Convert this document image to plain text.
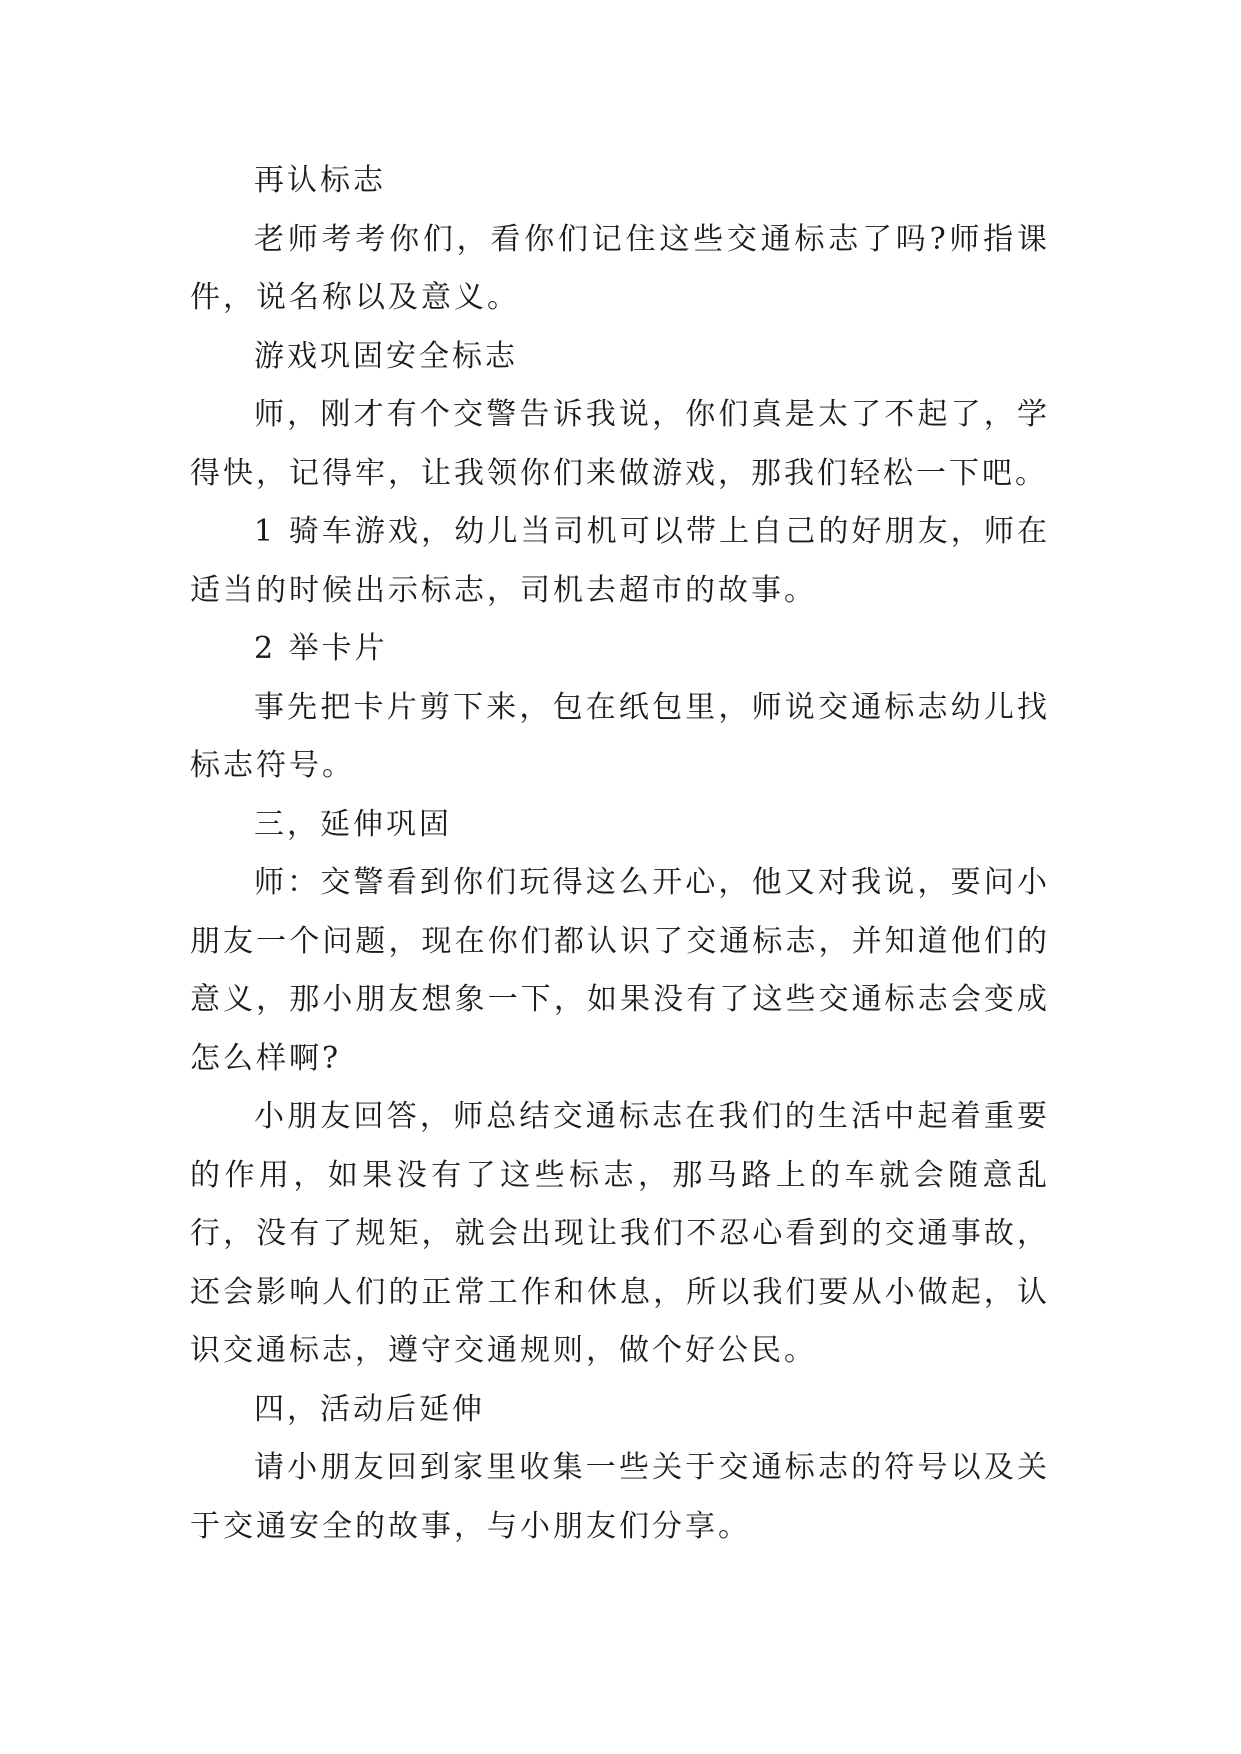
再认标志

老师考考你们，看你们记住这些交通标志了吗?师指课件，说名称以及意义。

游戏巩固安全标志

师，刚才有个交警告诉我说，你们真是太了不起了，学得快，记得牢，让我领你们来做游戏，那我们轻松一下吧。

1 骑车游戏，幼儿当司机可以带上自己的好朋友，师在适当的时候出示标志，司机去超市的故事。

2 举卡片

事先把卡片剪下来，包在纸包里，师说交通标志幼儿找标志符号。

三，延伸巩固

师：交警看到你们玩得这么开心，他又对我说，要问小朋友一个问题，现在你们都认识了交通标志，并知道他们的意义，那小朋友想象一下，如果没有了这些交通标志会变成怎么样啊?

小朋友回答，师总结交通标志在我们的生活中起着重要的作用，如果没有了这些标志，那马路上的车就会随意乱行，没有了规矩，就会出现让我们不忍心看到的交通事故，还会影响人们的正常工作和休息，所以我们要从小做起，认识交通标志，遵守交通规则，做个好公民。

四，活动后延伸

请小朋友回到家里收集一些关于交通标志的符号以及关于交通安全的故事，与小朋友们分享。
